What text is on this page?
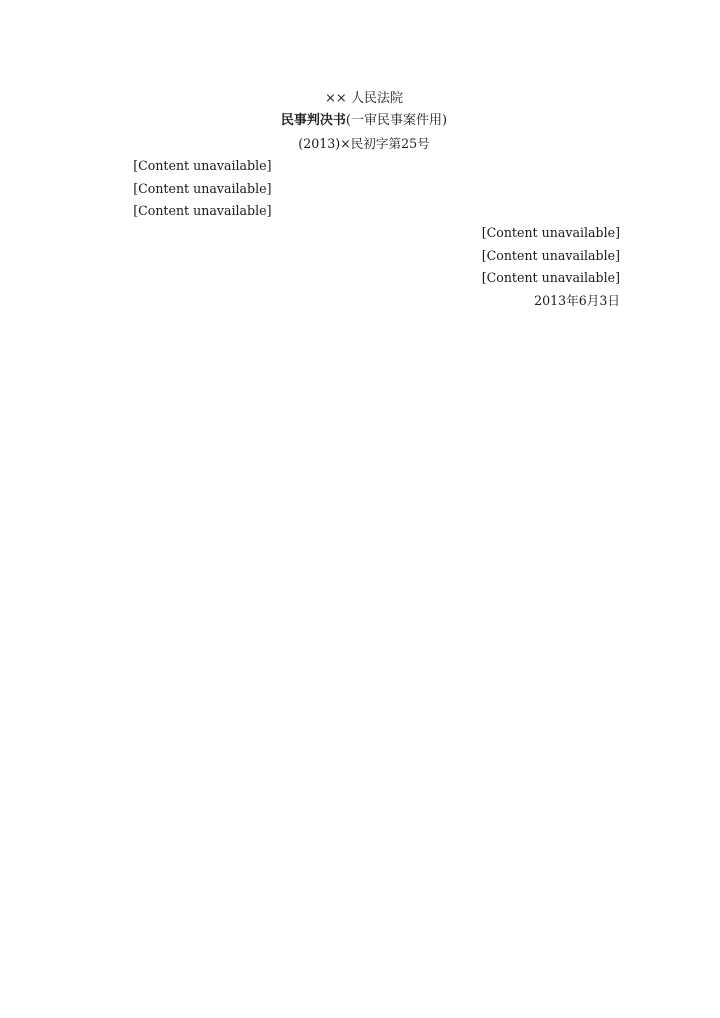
×× 人民法院
民事判决书(一审民事案件用)
(2013)×民初字第25号

[Content unavailable]

[Content unavailable]

[Content unavailable]

[Content unavailable]

[Content unavailable]

[Content unavailable]

2013年6月3日
